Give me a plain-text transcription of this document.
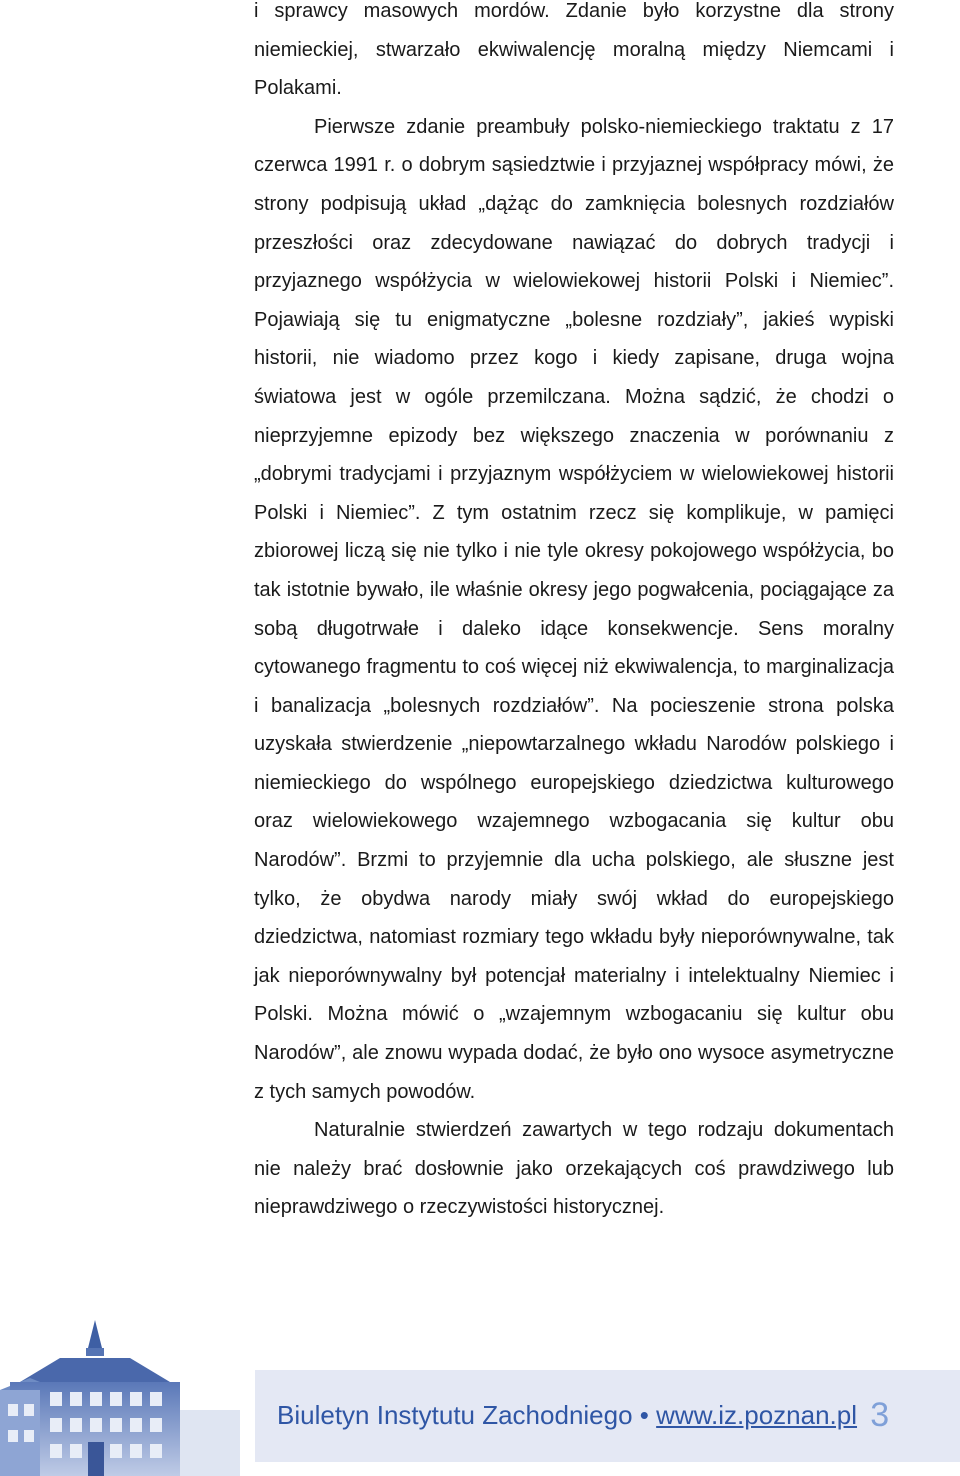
i sprawcy masowych mordów. Zdanie było korzystne dla strony niemieckiej, stwarzało ekwiwalencję moralną między Niemcami i Polakami.

Pierwsze zdanie preambuły polsko-niemieckiego traktatu z 17 czerwca 1991 r. o dobrym sąsiedztwie i przyjaznej współpracy mówi, że strony podpisują układ „dążąc do zamknięcia bolesnych rozdziałów przeszłości oraz zdecydowane nawiązać do dobrych tradycji i przyjaznego współżycia w wielowiekowej historii Polski i Niemiec”. Pojawiają się tu enigmatyczne „bolesne rozdziały”, jakieś wypiski historii, nie wiadomo przez kogo i kiedy zapisane, druga wojna światowa jest w ogóle przemilczana. Można sądzić, że chodzi o nieprzyjemne epizody bez większego znaczenia w porównaniu z „dobrymi tradycjami i przyjaznym współżyciem w wielowiekowej historii Polski i Niemiec”. Z tym ostatnim rzecz się komplikuje, w pamięci zbiorowej liczą się nie tylko i nie tyle okresy pokojowego współżycia, bo tak istotnie bywało, ile właśnie okresy jego pogwałcenia, pociągające za sobą długotrwałe i daleko idące konsekwencje. Sens moralny cytowanego fragmentu to coś więcej niż ekwiwalencja, to marginalizacja i banalizacja „bolesnych rozdziałów”. Na pocieszenie strona polska uzyskała stwierdzenie „niepowtarzalnego wkładu Narodów polskiego i niemieckiego do wspólnego europejskiego dziedzictwa kulturowego oraz wielowiekowego wzajemnego wzbogacania się kultur obu Narodów”. Brzmi to przyjemnie dla ucha polskiego, ale słuszne jest tylko, że obydwa narody miały swój wkład do europejskiego dziedzictwa, natomiast rozmiary tego wkładu były nieporównywalne, tak jak nieporównywalny był potencjał materialny i intelektualny Niemiec i Polski. Można mówić o „wzajemnym wzbogacaniu się kultur obu Narodów”, ale znowu wypada dodać, że było ono wysoce asymetryczne z tych samych powodów.

Naturalnie stwierdzeń zawartych w tego rodzaju dokumentach nie należy brać dosłownie jako orzekających coś prawdziwego lub nieprawdziwego o rzeczywistości historycznej.

Biuletyn Instytutu Zachodniego • www.iz.poznan.pl 3
